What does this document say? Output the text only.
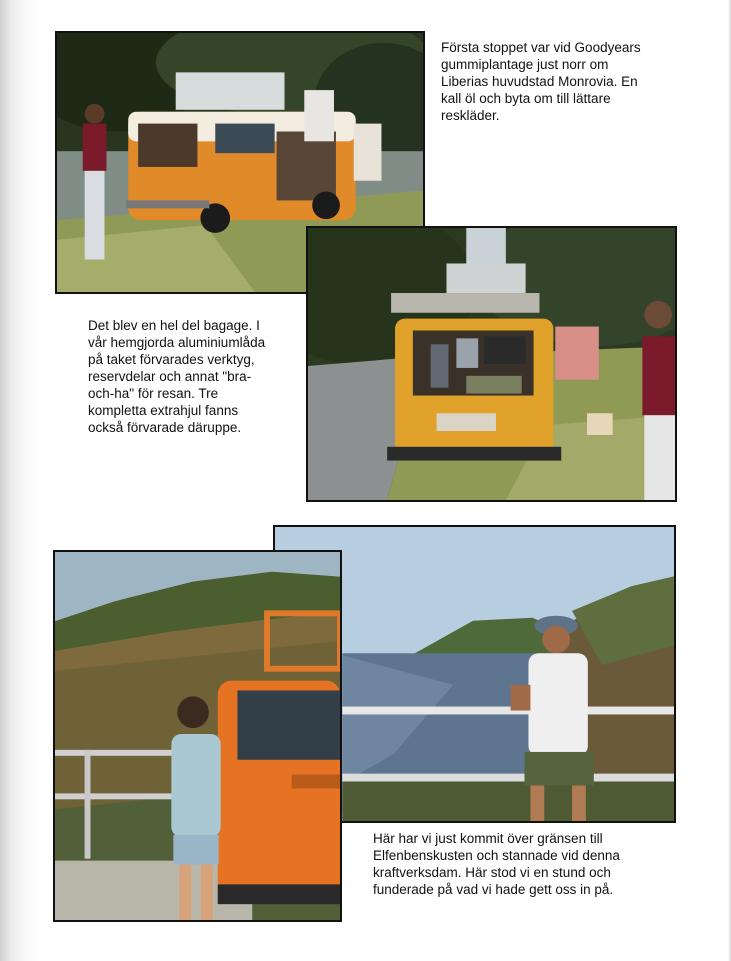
Första stoppet var vid Goodyears
gummiplantage just norr om
Liberias huvudstad Monrovia. En
kall öl och byta om till lättare
reskläder.
Det blev en hel del bagage. I
vår hemgjorda aluminiumlåda
på taket förvarades verktyg,
reservdelar och annat "bra-
och-ha" för resan. Tre
kompletta extrahjul fanns
också förvarade däruppe.
Här har vi just kommit över gränsen till
Elfenbenskusten och stannade vid denna
kraftverksdam. Här stod vi en stund och
funderade på vad vi hade gett oss in på.
